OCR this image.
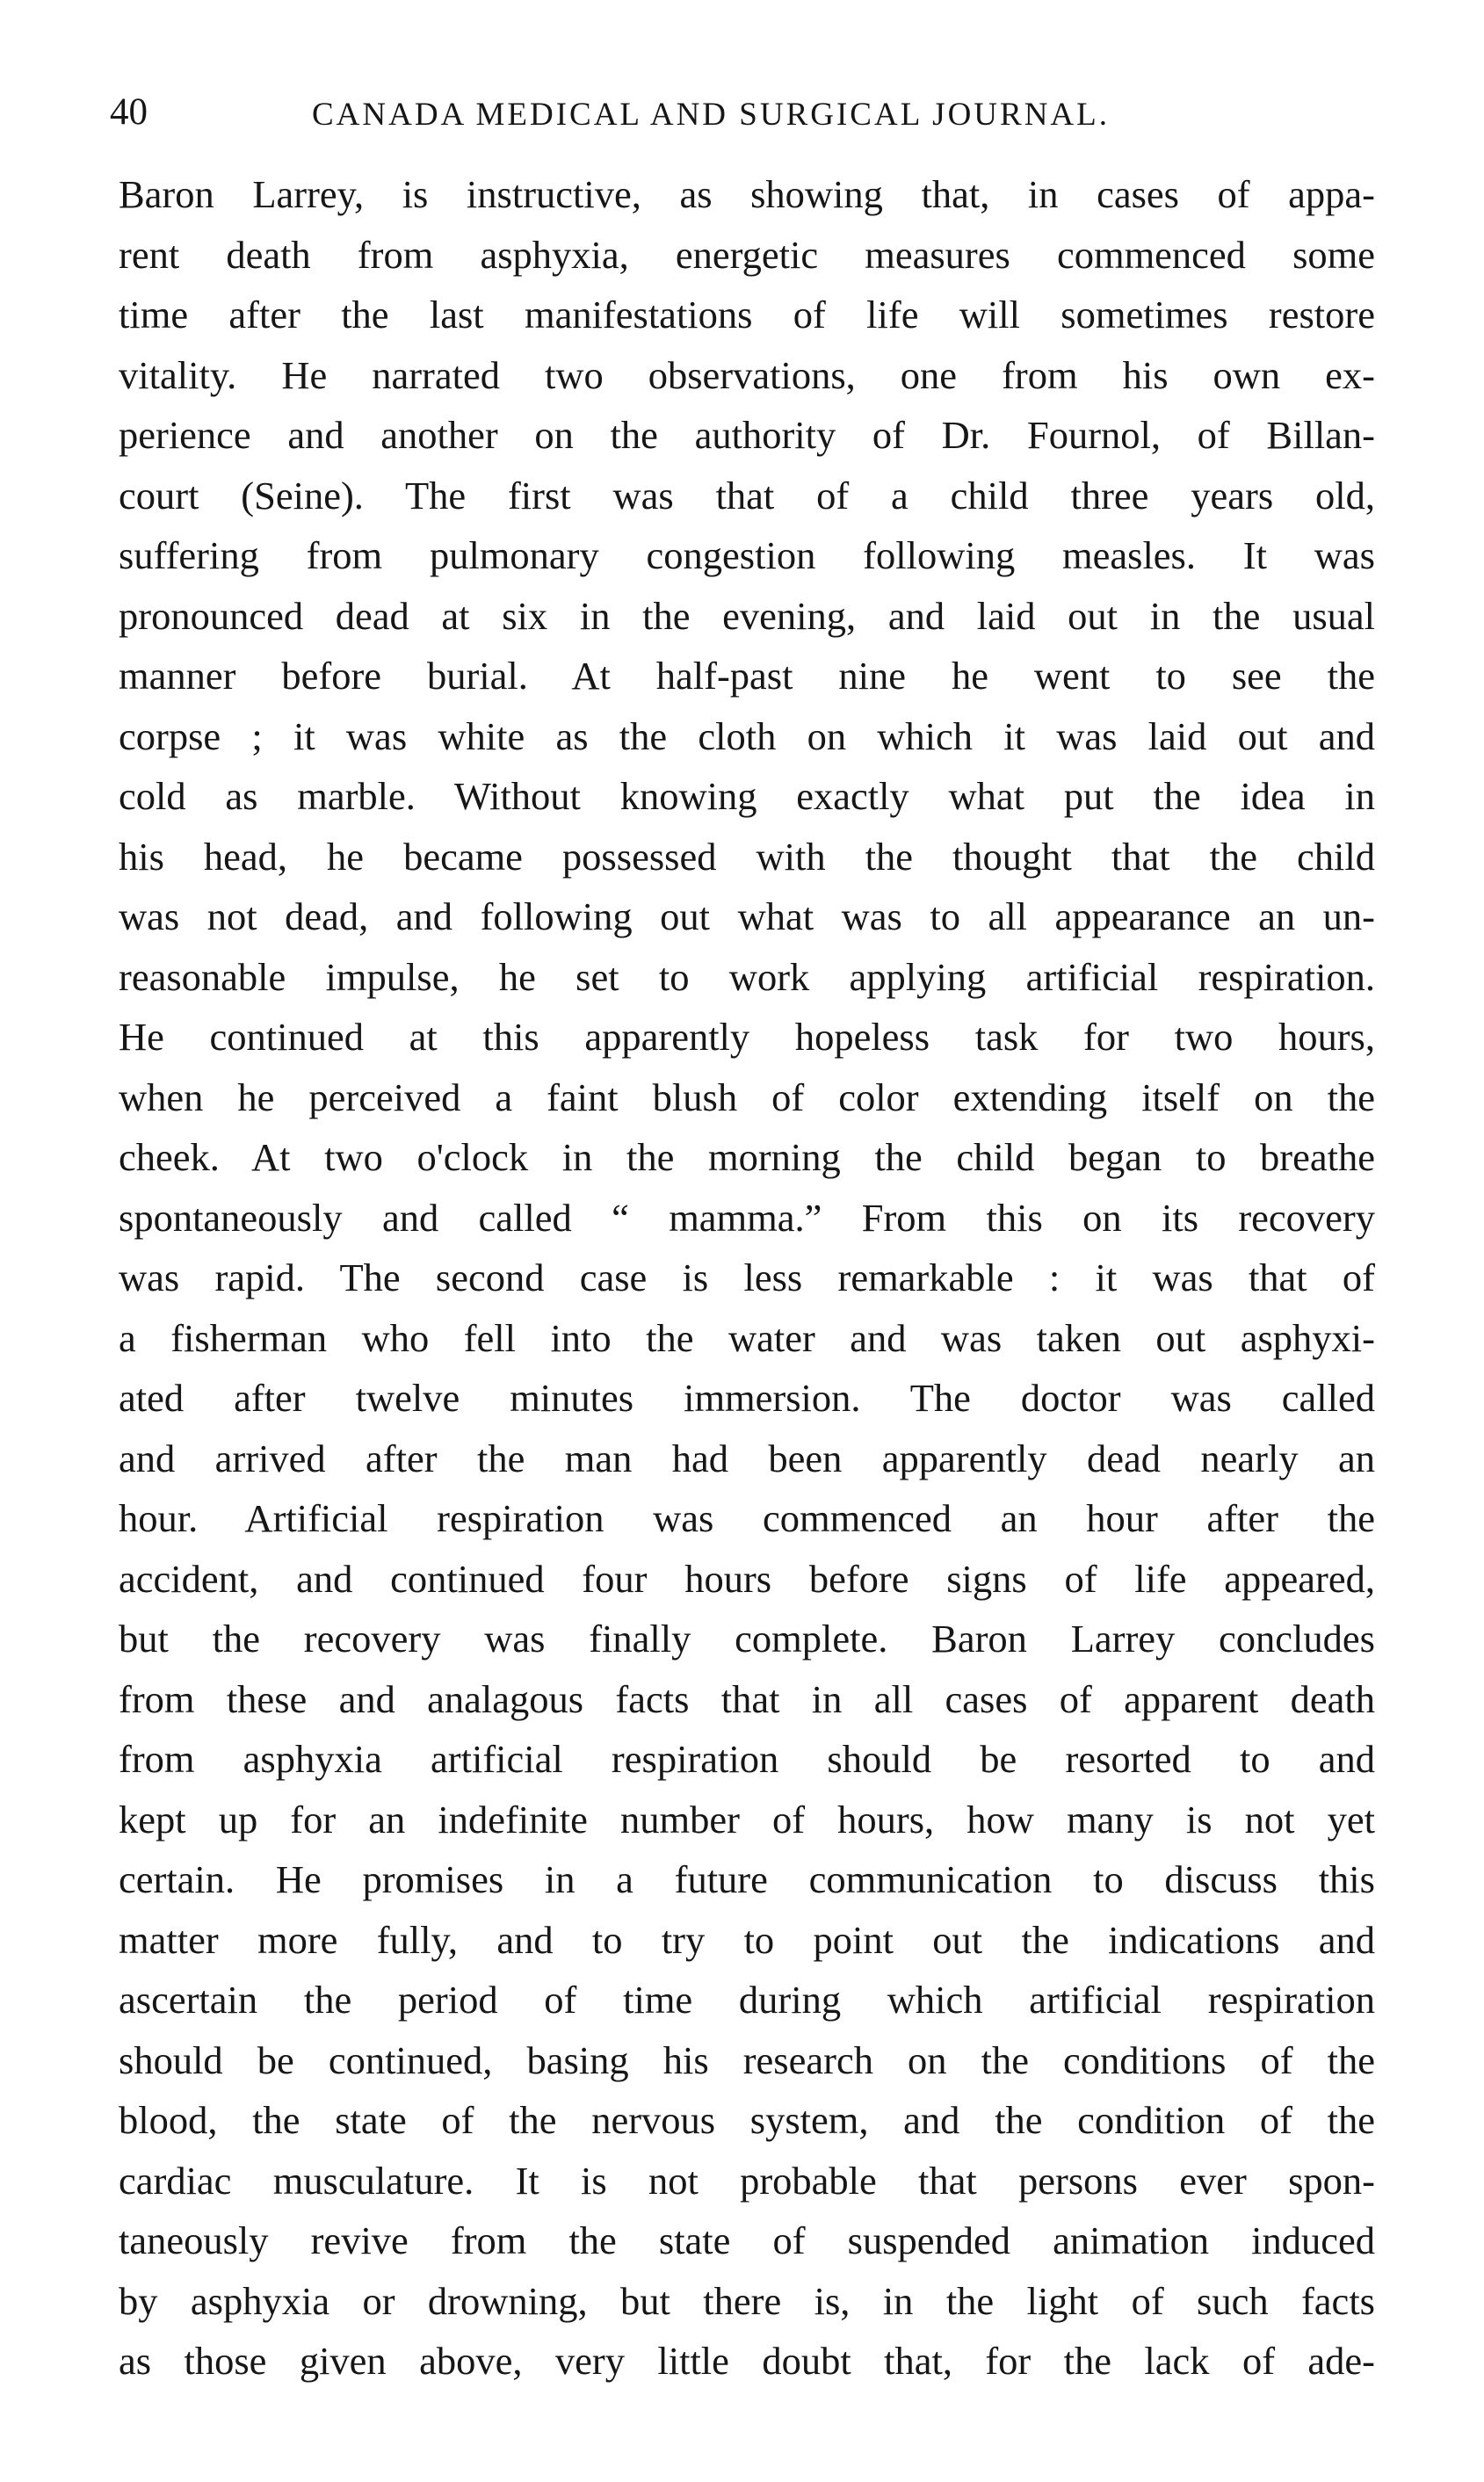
40	CANADA MEDICAL AND SURGICAL JOURNAL.
Baron Larrey, is instructive, as showing that, in cases of appa-
rent death from asphyxia, energetic measures commenced some
time after the last manifestations of life will sometimes restore
vitality. He narrated two observations, one from his own ex-
perience and another on the authority of Dr. Fournol, of Billan-
court (Seine). The first was that of a child three years old,
suffering from pulmonary congestion following measles. It was
pronounced dead at six in the evening, and laid out in the usual
manner before burial. At half-past nine he went to see the
corpse ; it was white as the cloth on which it was laid out and
cold as marble. Without knowing exactly what put the idea in
his head, he became possessed with the thought that the child
was not dead, and following out what was to all appearance an un-
reasonable impulse, he set to work applying artificial respiration.
He continued at this apparently hopeless task for two hours,
when he perceived a faint blush of color extending itself on the
cheek. At two o'clock in the morning the child began to breathe
spontaneously and called “ mamma.” From this on its recovery
was rapid. The second case is less remarkable : it was that of
a fisherman who fell into the water and was taken out asphyxi-
ated after twelve minutes immersion. The doctor was called
and arrived after the man had been apparently dead nearly an
hour. Artificial respiration was commenced an hour after the
accident, and continued four hours before signs of life appeared,
but the recovery was finally complete. Baron Larrey concludes
from these and analagous facts that in all cases of apparent death
from asphyxia artificial respiration should be resorted to and
kept up for an indefinite number of hours, how many is not yet
certain. He promises in a future communication to discuss this
matter more fully, and to try to point out the indications and
ascertain the period of time during which artificial respiration
should be continued, basing his research on the conditions of the
blood, the state of the nervous system, and the condition of the
cardiac musculature. It is not probable that persons ever spon-
taneously revive from the state of suspended animation induced
by asphyxia or drowning, but there is, in the light of such facts
as those given above, very little doubt that, for the lack of ade-
